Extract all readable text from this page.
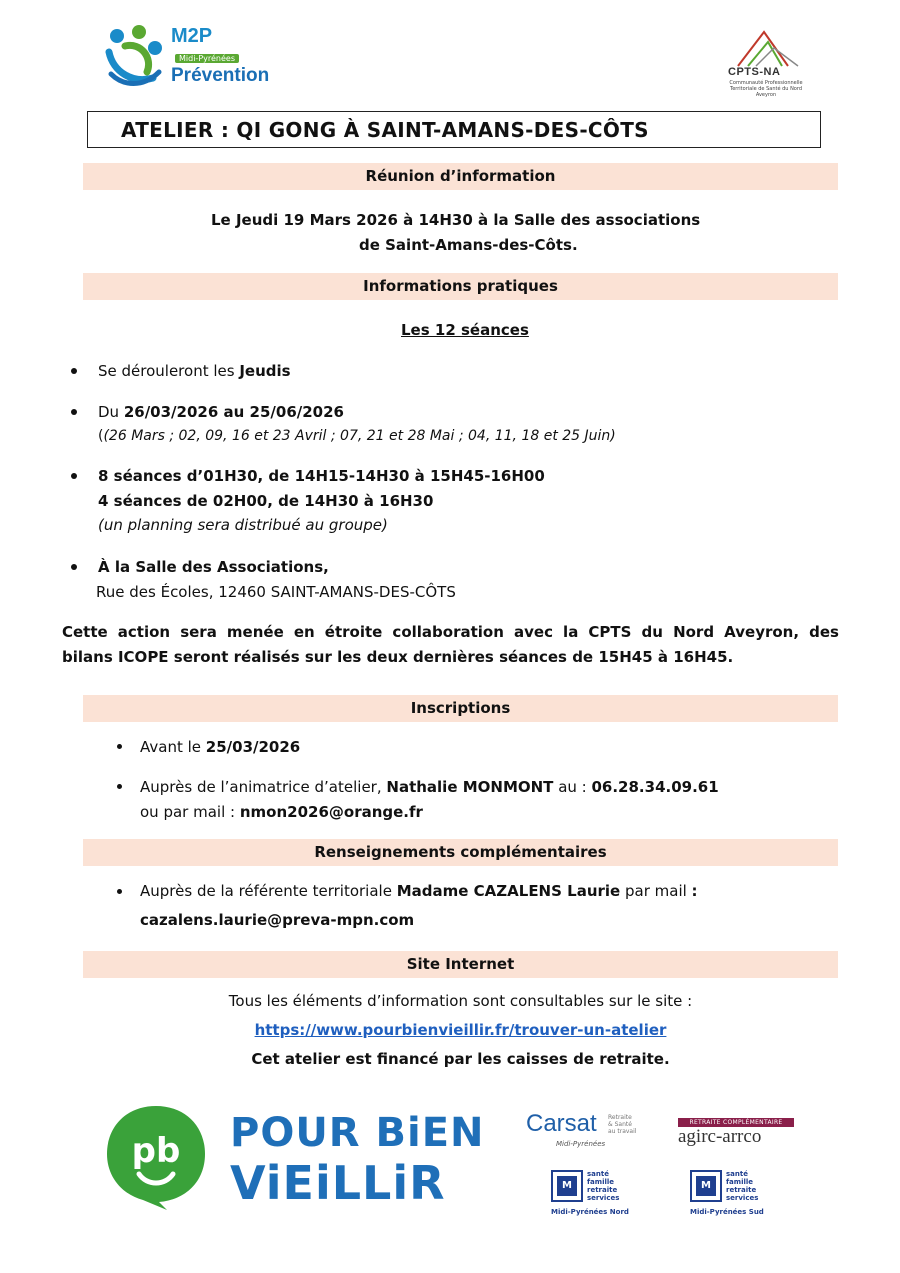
M2P
Midi-Pyrénées
Prévention	CPTS-NA
Communauté Professionnelle Territoriale de Santé du Nord Aveyron
ATELIER : QI GONG À SAINT-AMANS-DES-CÔTS
Réunion d’information
Le Jeudi 19 Mars 2026 à 14H30 à la Salle des associations
de Saint-Amans-des-Côts.
Informations pratiques
Les 12 séances
Se dérouleront les Jeudis
Du 26/03/2026 au 25/06/2026
((26 Mars ; 02, 09, 16 et 23 Avril ; 07, 21 et 28 Mai ; 04, 11, 18 et 25 Juin)
8 séances d’01H30, de 14H15-14H30 à 15H45-16H00
4 séances de 02H00, de 14H30 à 16H30
(un planning sera distribué au groupe)
À la Salle des Associations,
Rue des Écoles, 12460 SAINT-AMANS-DES-CÔTS
Cette action sera menée en étroite collaboration avec la CPTS du Nord Aveyron, des
bilans ICOPE seront réalisés sur les deux dernières séances de 15H45 à 16H45.
Inscriptions
Avant le 25/03/2026
Auprès de l’animatrice d’atelier, Nathalie MONMONT au : 06.28.34.09.61
ou par mail : nmon2026@orange.fr
Renseignements complémentaires
Auprès de la référente territoriale Madame CAZALENS Laurie par mail :
cazalens.laurie@preva-mpn.com
Site Internet
Tous les éléments d’information sont consultables sur le site :
https://www.pourbienvieillir.fr/trouver-un-atelier
Cet atelier est financé par les caisses de retraite.
pb POUR BiEN
ViEiLLiR
Carsat	Retraite
& Santé
au travail
Midi-Pyrénées
RETRAITE COMPLÉMENTAIRE
agirc-arrco
M
santé
famille
retraite
services
Midi-Pyrénées Nord
M
santé
famille
retraite
services
Midi-Pyrénées Sud
